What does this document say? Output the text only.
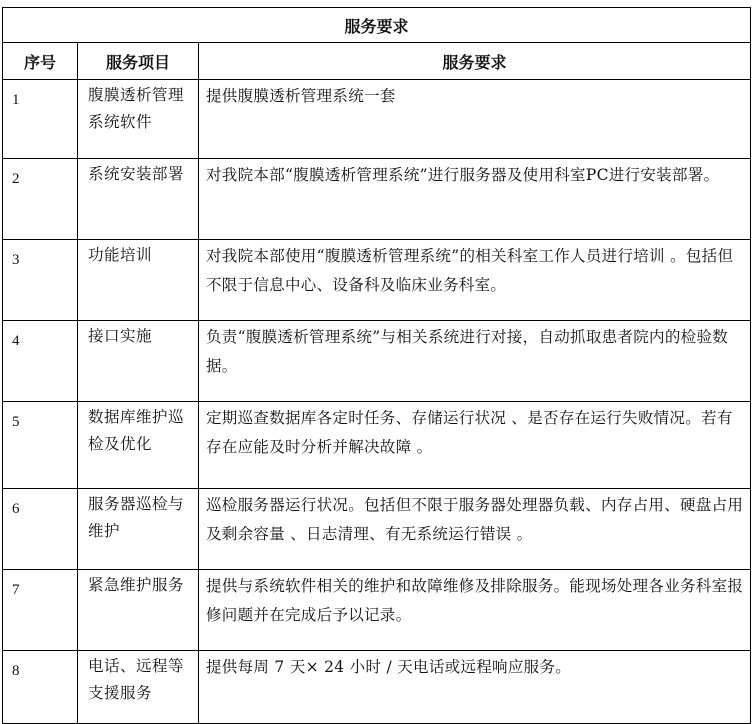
服务要求		
序号	服务项目	服务要求
1	腹膜透析管理系统软件	提供腹膜透析管理系统一套
2	系统安装部署	对我院本部“腹膜透析管理系统”进行服务器及使用科室PC进行安装部署。
3	功能培训	对我院本部使用“腹膜透析管理系统”的相关科室工作人员进行培训 。包括但不限于信息中心、设备科及临床业务科室。
4	接口实施	负责“腹膜透析管理系统”与相关系统进行对接，自动抓取患者院内的检验数据。
5	数据库维护巡检及优化	定期巡查数据库各定时任务、存储运行状况 、是否存在运行失败情况。若有存在应能及时分析并解决故障 。
6	服务器巡检与维护	巡检服务器运行状况。包括但不限于服务器处理器负载、内存占用、硬盘占用及剩余容量 、日志清理、有无系统运行错误 。
7	紧急维护服务	提供与系统软件相关的维护和故障维修及排除服务。能现场处理各业务科室报修问题并在完成后予以记录。
8	电话、远程等支援服务	提供每周 7 天× 24 小时 / 天电话或远程响应服务。
